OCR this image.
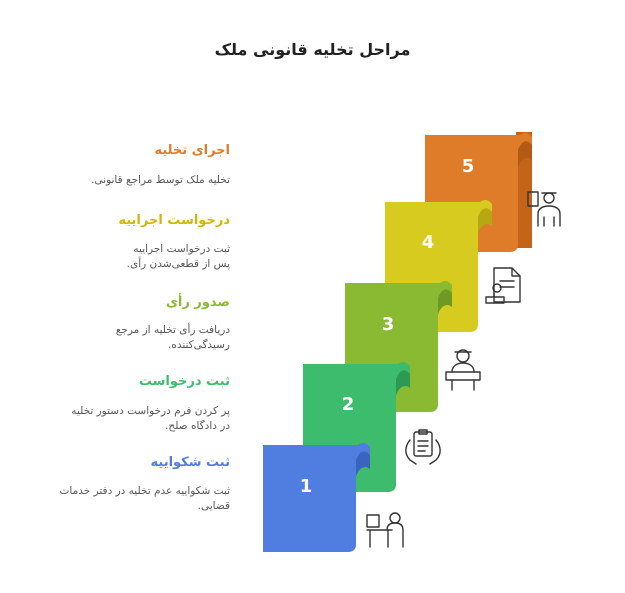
مراحل تخلیه قانونی ملک
اجرای تخلیه
تخلیه ملک توسط مراجع قانونی.
درخواست اجراییه
ثبت درخواست اجراییه پس از قطعی‌شدن رأی.
صدور رأی
دریافت رأی تخلیه از مرجع رسیدگی‌کننده.
ثبت درخواست
پر کردن فرم درخواست دستور تخلیه در دادگاه صلح.
ثبت شکواییه
ثبت شکواییه عدم تخلیه در دفتر خدمات قضایی.
5
4
3
2
1
